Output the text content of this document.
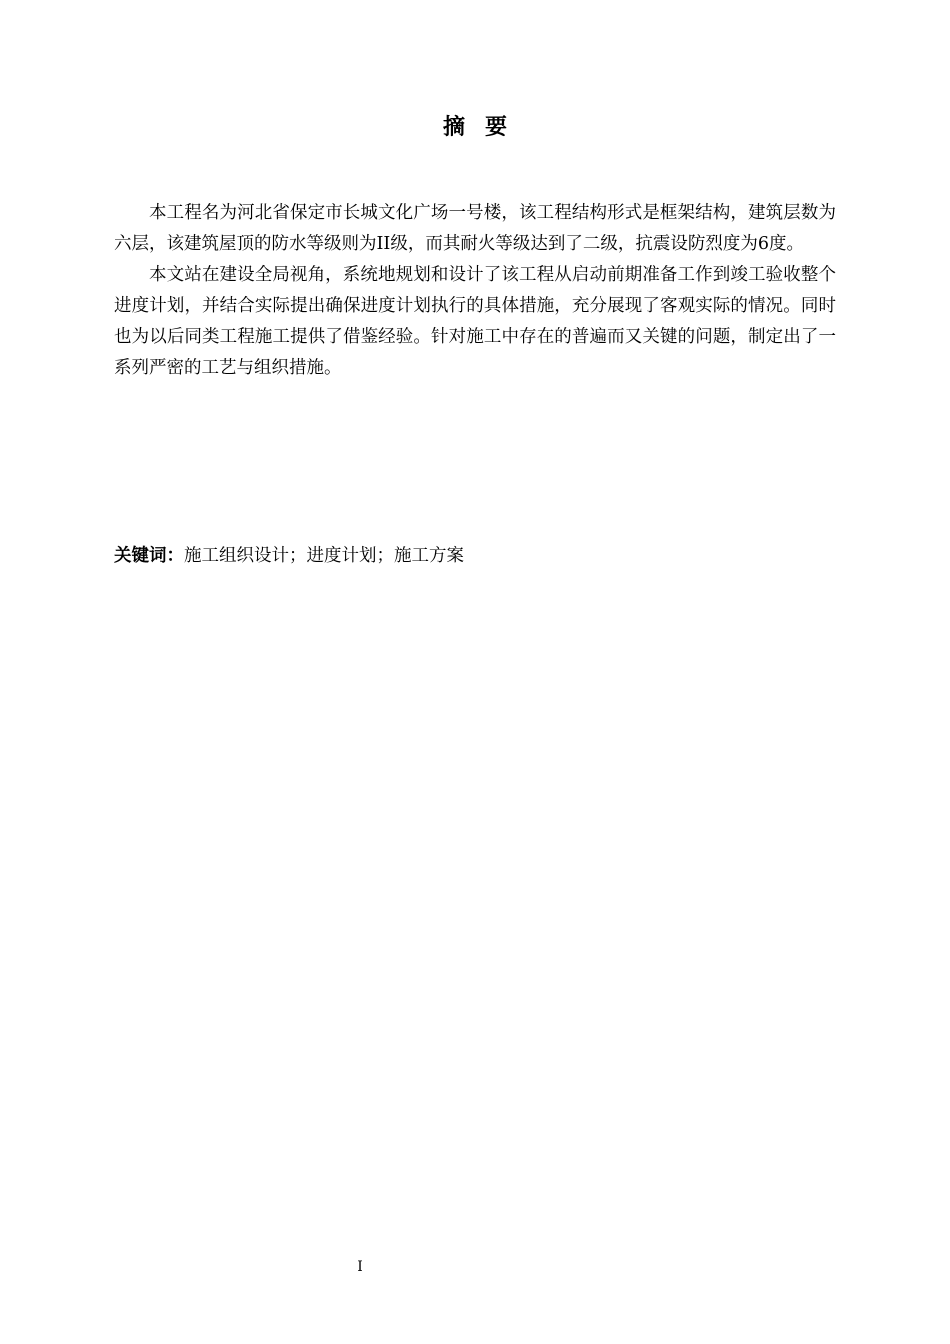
摘要

本工程名为河北省保定市长城文化广场一号楼，该工程结构形式是框架结构，建筑层数为六层，该建筑屋顶的防水等级则为II级，而其耐火等级达到了二级，抗震设防烈度为6度。

本文站在建设全局视角，系统地规划和设计了该工程从启动前期准备工作到竣工验收整个进度计划，并结合实际提出确保进度计划执行的具体措施，充分展现了客观实际的情况。同时也为以后同类工程施工提供了借鉴经验。针对施工中存在的普遍而又关键的问题，制定出了一系列严密的工艺与组织措施。

关键词：施工组织设计；进度计划；施工方案
I
